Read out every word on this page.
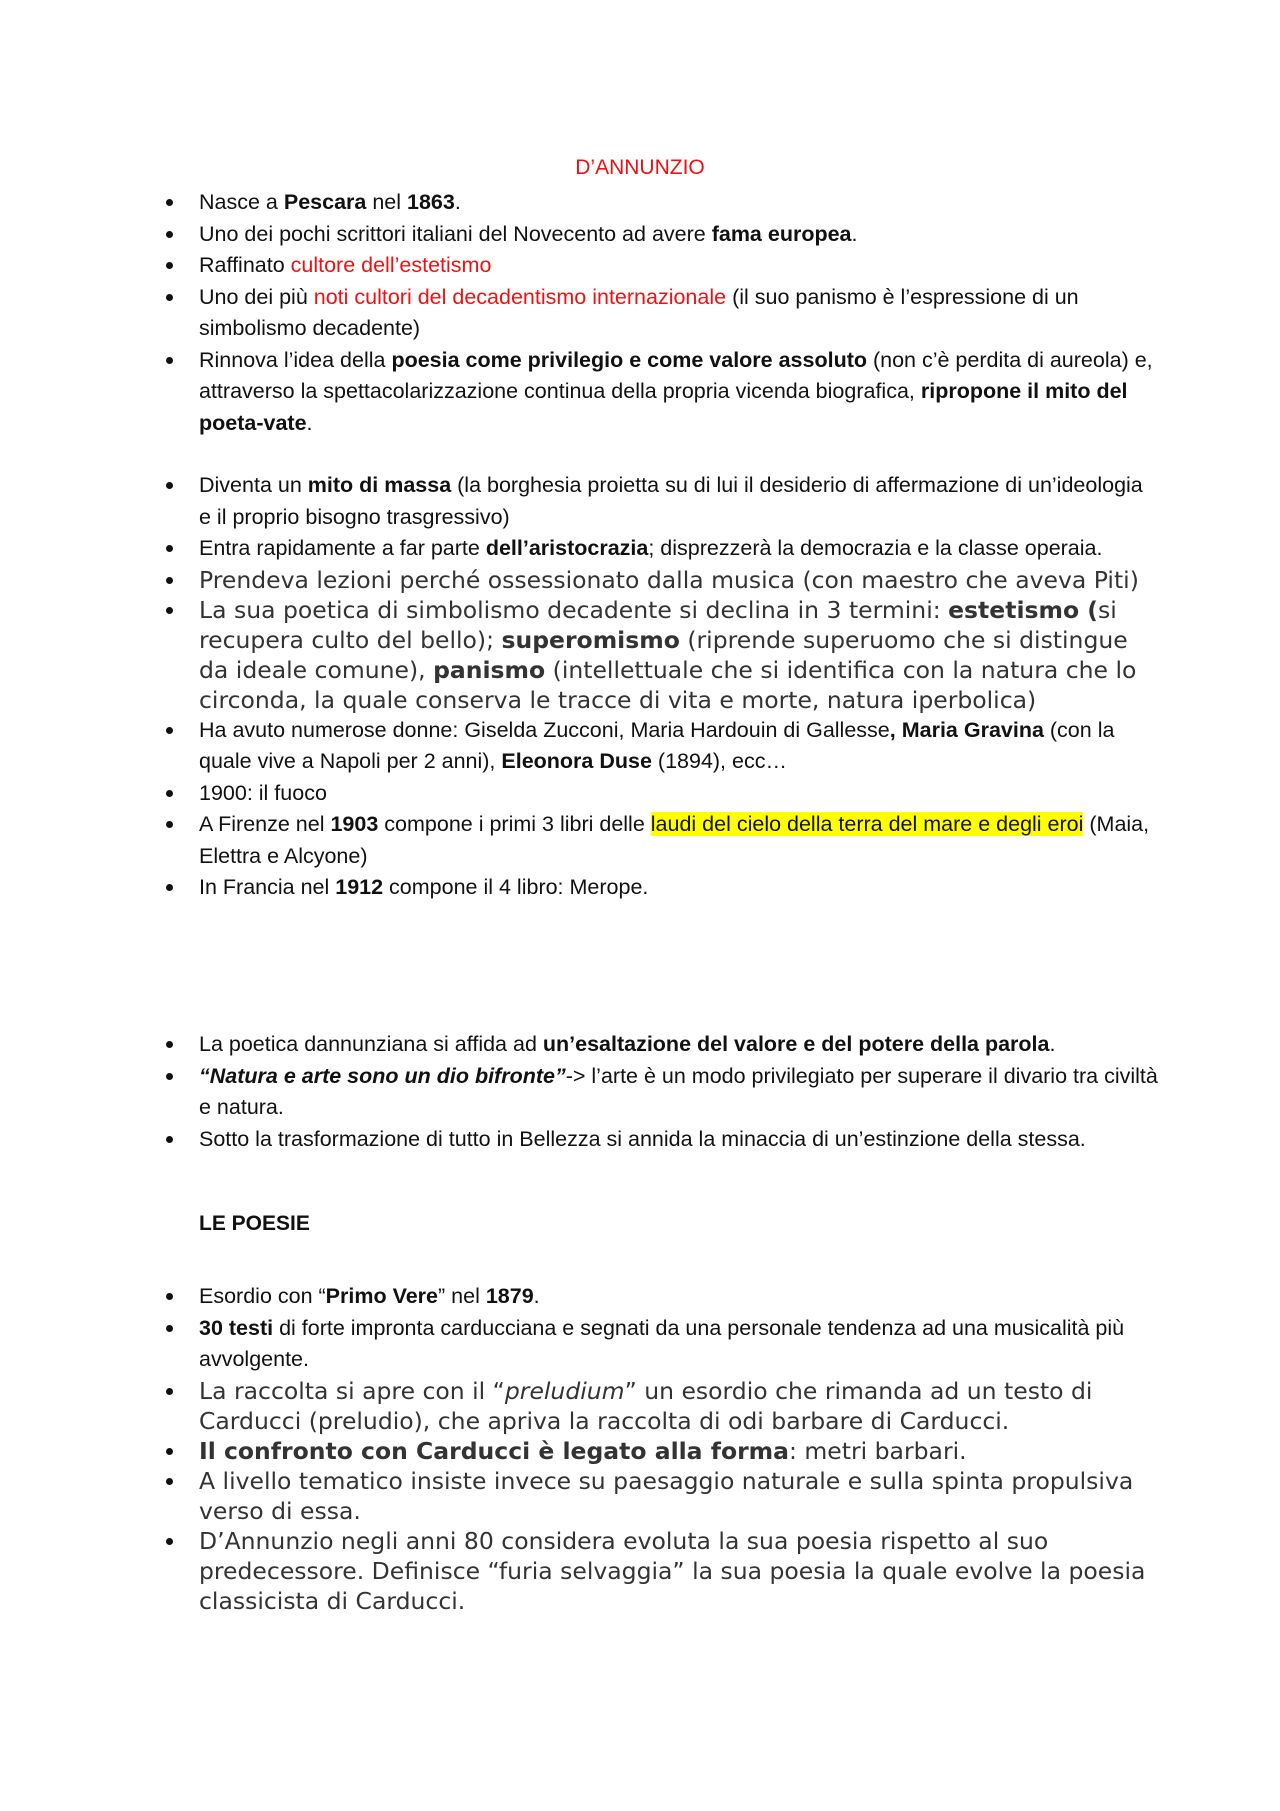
D’ANNUNZIO
Nasce a Pescara nel 1863.
Uno dei pochi scrittori italiani del Novecento ad avere fama europea.
Raffinato cultore dell’estetismo
Uno dei più noti cultori del decadentismo internazionale (il suo panismo è l’espressione di un simbolismo decadente)
Rinnova l’idea della poesia come privilegio e come valore assoluto (non c’è perdita di aureola) e, attraverso la spettacolarizzazione continua della propria vicenda biografica, ripropone il mito del poeta-vate.
Diventa un mito di massa (la borghesia proietta su di lui il desiderio di affermazione di un’ideologia e il proprio bisogno trasgressivo)
Entra rapidamente a far parte dell’aristocrazia; disprezzerà la democrazia e la classe operaia.
Prendeva lezioni perché ossessionato dalla musica (con maestro che aveva Piti)
La sua poetica di simbolismo decadente si declina in 3 termini: estetismo (si recupera culto del bello); superomismo (riprende superuomo che si distingue da ideale comune), panismo (intellettuale che si identifica con la natura che lo circonda, la quale conserva le tracce di vita e morte, natura iperbolica)
Ha avuto numerose donne: Giselda Zucconi, Maria Hardouin di Gallesse, Maria Gravina (con la quale vive a Napoli per 2 anni), Eleonora Duse (1894), ecc…
1900: il fuoco
A Firenze nel 1903 compone i primi 3 libri delle laudi del cielo della terra del mare e degli eroi (Maia, Elettra e Alcyone)
In Francia nel 1912 compone il 4 libro: Merope.
La poetica dannunziana si affida ad un’esaltazione del valore e del potere della parola.
“Natura e arte sono un dio bifronte”-> l’arte è un modo privilegiato per superare il divario tra civiltà e natura.
Sotto la trasformazione di tutto in Bellezza si annida la minaccia di un’estinzione della stessa.
LE POESIE
Esordio con “Primo Vere” nel 1879.
30 testi di forte impronta carducciana e segnati da una personale tendenza ad una musicalità più avvolgente.
La raccolta si apre con il “preludium” un esordio che rimanda ad un testo di Carducci (preludio), che apriva la raccolta di odi barbare di Carducci.
Il confronto con Carducci è legato alla forma: metri barbari.
A livello tematico insiste invece su paesaggio naturale e sulla spinta propulsiva verso di essa.
D’Annunzio negli anni 80 considera evoluta la sua poesia rispetto al suo predecessore. Definisce “furia selvaggia” la sua poesia la quale evolve la poesia classicista di Carducci.
